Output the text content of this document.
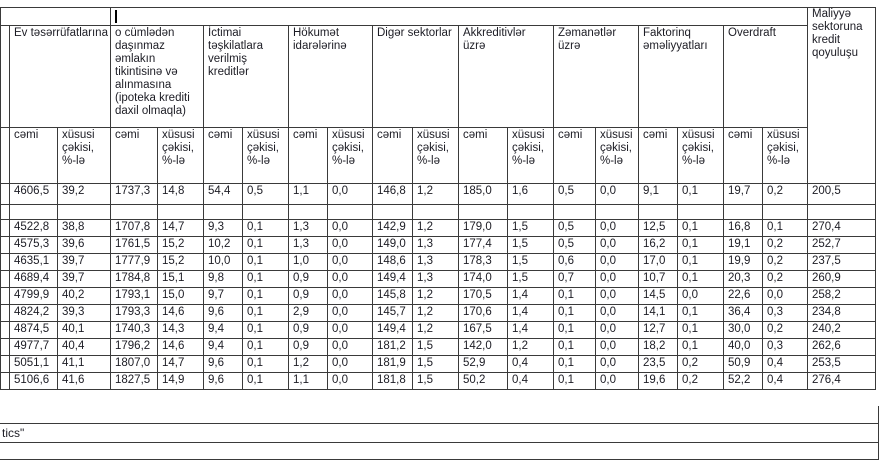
																			Maliyyə sektoruna kredit qoyuluşu
	Ev təsərrüfatlarına		o cümlədən daşınmaz əmlakın tikintisinə və alınmasına (ipoteka krediti daxil olmaqla)		İctimai təşkilatlara verilmiş kreditlər		Hökumət idarələrinə		Digər sektorlar		Akkreditivlər üzrə		Zəmanətlər üzrə		Faktorinq əməliyyatları		Overdraft		
	cəmi	xüsusi çəkisi, %-lə	cəmi	xüsusi çəkisi, %-lə	cəmi	xüsusi çəkisi, %-lə	cəmi	xüsusi çəkisi, %-lə	cəmi	xüsusi çəkisi, %-lə	cəmi	xüsusi çəkisi, %-lə	cəmi	xüsusi çəkisi, %-lə	cəmi	xüsusi çəkisi, %-lə	cəmi	xüsusi çəkisi, %-lə	
	4606,5	39,2	1737,3	14,8	54,4	0,5	1,1	0,0	146,8	1,2	185,0	1,6	0,5	0,0	9,1	0,1	19,7	0,2	200,5

	4522,8	38,8	1707,8	14,7	9,3	0,1	1,3	0,0	142,9	1,2	179,0	1,5	0,5	0,0	12,5	0,1	16,8	0,1	270,4
	4575,3	39,6	1761,5	15,2	10,2	0,1	1,3	0,0	149,0	1,3	177,4	1,5	0,5	0,0	16,2	0,1	19,1	0,2	252,7
	4635,1	39,7	1777,9	15,2	10,0	0,1	1,0	0,0	148,6	1,3	178,3	1,5	0,6	0,0	17,0	0,1	19,9	0,2	237,5
	4689,4	39,7	1784,8	15,1	9,8	0,1	0,9	0,0	149,4	1,3	174,0	1,5	0,7	0,0	10,7	0,1	20,3	0,2	260,9
	4799,9	40,2	1793,1	15,0	9,7	0,1	0,9	0,0	145,8	1,2	170,5	1,4	0,1	0,0	14,5	0,0	22,6	0,0	258,2
	4824,2	39,3	1793,3	14,6	9,6	0,1	2,9	0,0	145,7	1,2	170,6	1,4	0,1	0,0	14,1	0,1	36,4	0,3	234,8
	4874,5	40,1	1740,3	14,3	9,4	0,1	0,9	0,0	149,4	1,2	167,5	1,4	0,1	0,0	12,7	0,1	30,0	0,2	240,2
	4977,7	40,4	1796,2	14,6	9,4	0,1	0,9	0,0	181,2	1,5	142,0	1,2	0,1	0,0	18,2	0,1	40,0	0,3	262,6
	5051,1	41,1	1807,0	14,7	9,6	0,1	1,2	0,0	181,9	1,5	52,9	0,4	0,1	0,0	23,5	0,2	50,9	0,4	253,5
	5106,6	41,6	1827,5	14,9	9,6	0,1	1,1	0,0	181,8	1,5	50,2	0,4	0,1	0,0	19,6	0,2	52,2	0,4	276,4
tics"
